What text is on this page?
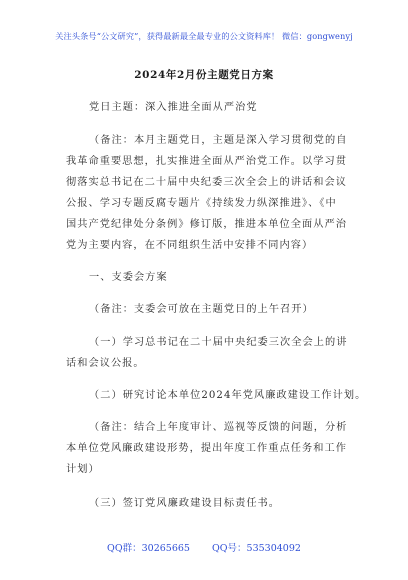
关注头条号“公文研究”，获得最新最全最专业的公文资料库！ 微信：gongwenyj
2024年2月份主题党日方案
党日主题：深入推进全面从严治党
（备注：本月主题党日，主题是深入学习贯彻党的自
我革命重要思想，扎实推进全面从严治党工作。以学习贯
彻落实总书记在二十届中央纪委三次全会上的讲话和会议
公报、学习专题反腐专题片《持续发力纵深推进》、《中
国共产党纪律处分条例》修订版，推进本单位全面从严治
党为主要内容，在不同组织生活中安排不同内容）
一、支委会方案
（备注：支委会可放在主题党日的上午召开）
（一）学习总书记在二十届中央纪委三次全会上的讲
话和会议公报。
（二）研究讨论本单位2024年党风廉政建设工作计划。
（备注：结合上年度审计、巡视等反馈的问题，分析
本单位党风廉政建设形势，提出年度工作重点任务和工作
计划）
（三）签订党风廉政建设目标责任书。
QQ群：30265665 QQ号：535304092
